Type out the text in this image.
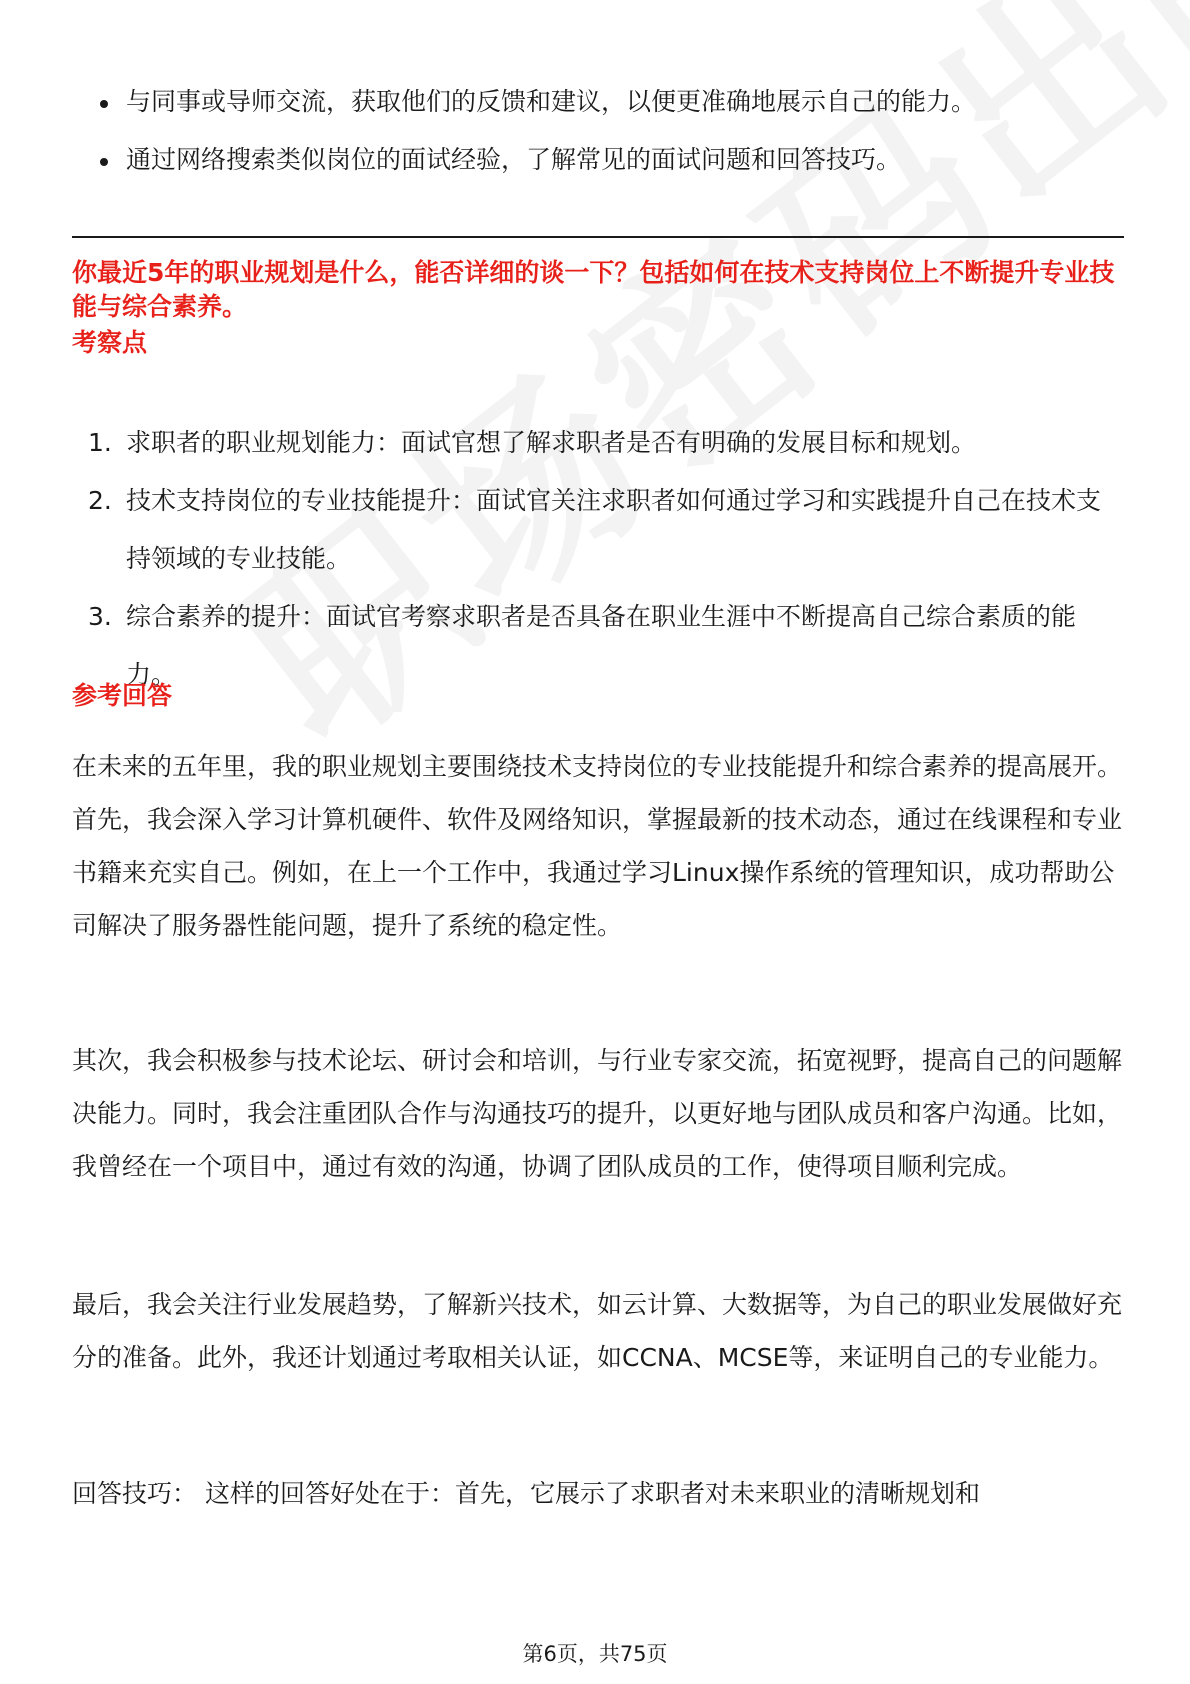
与同事或导师交流，获取他们的反馈和建议，以便更准确地展示自己的能力。
通过网络搜索类似岗位的面试经验，了解常见的面试问题和回答技巧。
你最近5年的职业规划是什么，能否详细的谈一下？包括如何在技术支持岗位上不断提升专业技能与综合素养。
考察点
1. 求职者的职业规划能力：面试官想了解求职者是否有明确的发展目标和规划。
2. 技术支持岗位的专业技能提升：面试官关注求职者如何通过学习和实践提升自己在技术支持领域的专业技能。
3. 综合素养的提升：面试官考察求职者是否具备在职业生涯中不断提高自己综合素质的能力。
参考回答

在未来的五年里，我的职业规划主要围绕技术支持岗位的专业技能提升和综合素养的提高展开。首先，我会深入学习计算机硬件、软件及网络知识，掌握最新的技术动态，通过在线课程和专业书籍来充实自己。例如，在上一个工作中，我通过学习Linux操作系统的管理知识，成功帮助公司解决了服务器性能问题，提升了系统的稳定性。

其次，我会积极参与技术论坛、研讨会和培训，与行业专家交流，拓宽视野，提高自己的问题解决能力。同时，我会注重团队合作与沟通技巧的提升，以更好地与团队成员和客户沟通。比如，我曾经在一个项目中，通过有效的沟通，协调了团队成员的工作，使得项目顺利完成。

最后，我会关注行业发展趋势，了解新兴技术，如云计算、大数据等，为自己的职业发展做好充分的准备。此外，我还计划通过考取相关认证，如CCNA、MCSE等，来证明自己的专业能力。

回答技巧： 这样的回答好处在于：首先，它展示了求职者对未来职业的清晰规划和

第6页，共75页
